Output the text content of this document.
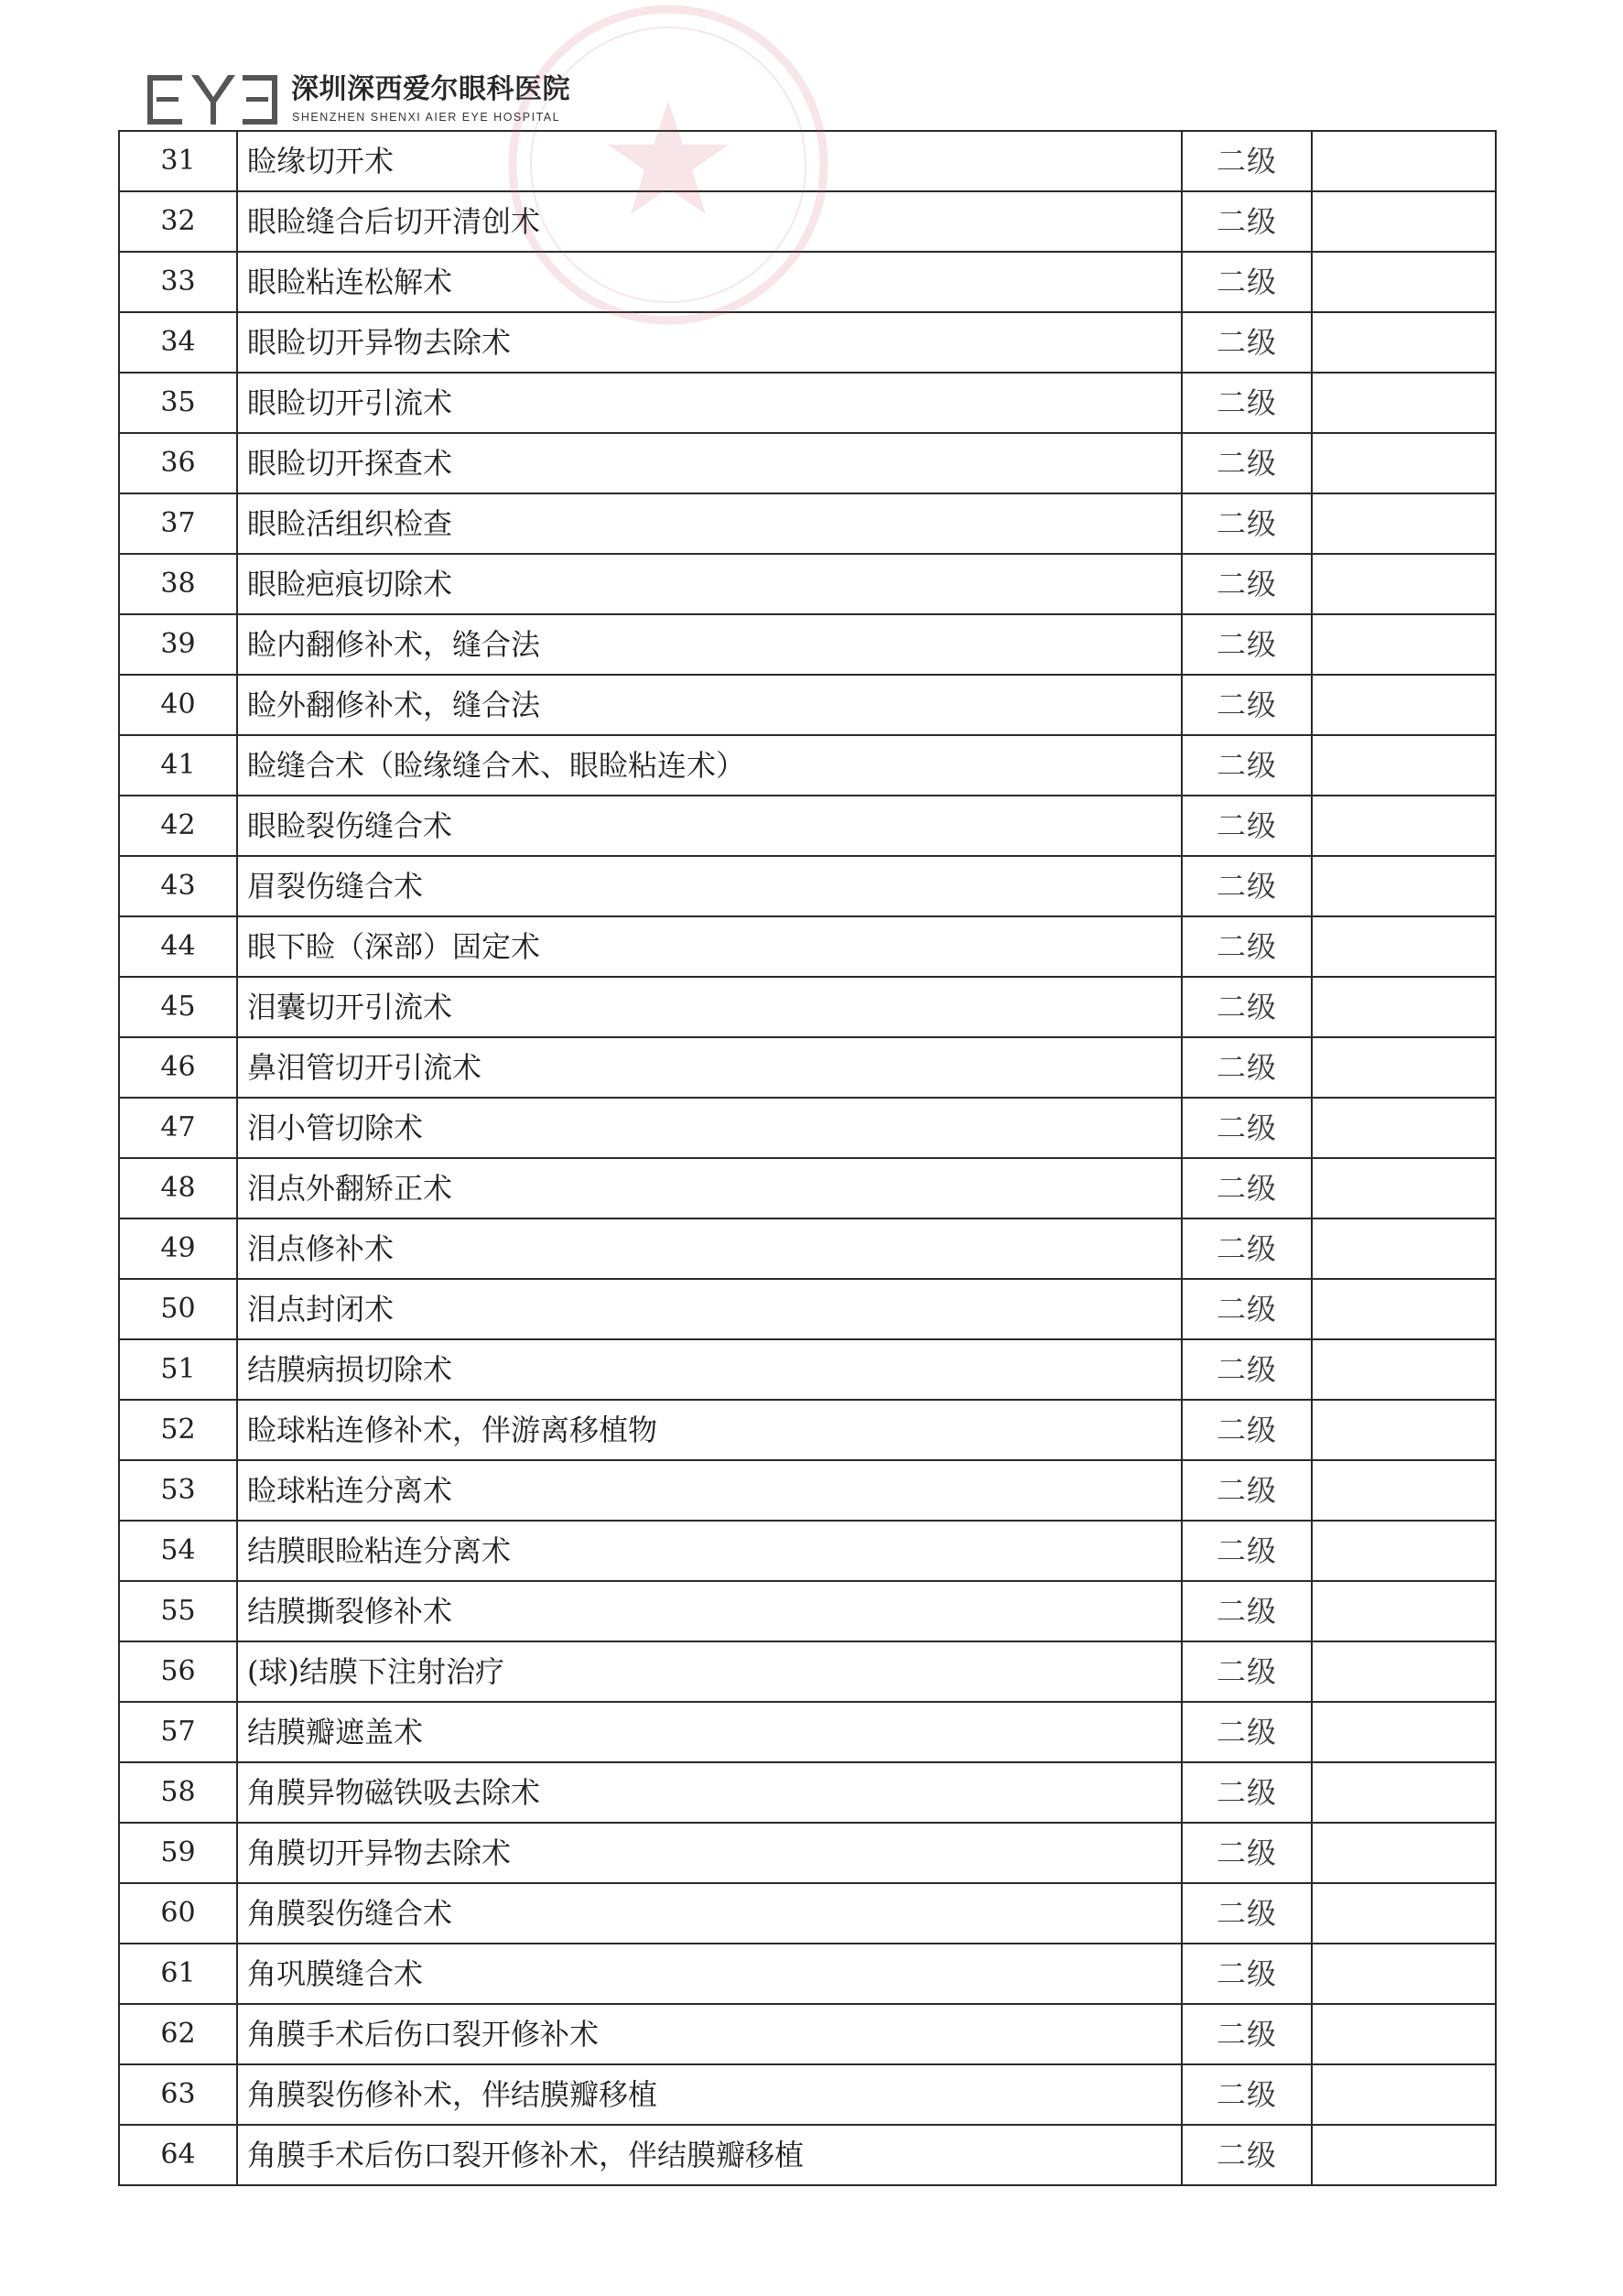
深圳深西爱尔眼科医院
SHENZHEN SHENXI AIER EYE HOSPITAL
31	睑缘切开术	二级	
32	眼睑缝合后切开清创术	二级	
33	眼睑粘连松解术	二级	
34	眼睑切开异物去除术	二级	
35	眼睑切开引流术	二级	
36	眼睑切开探查术	二级	
37	眼睑活组织检查	二级	
38	眼睑疤痕切除术	二级	
39	睑内翻修补术，缝合法	二级	
40	睑外翻修补术，缝合法	二级	
41	睑缝合术（睑缘缝合术、眼睑粘连术）	二级	
42	眼睑裂伤缝合术	二级	
43	眉裂伤缝合术	二级	
44	眼下睑（深部）固定术	二级	
45	泪囊切开引流术	二级	
46	鼻泪管切开引流术	二级	
47	泪小管切除术	二级	
48	泪点外翻矫正术	二级	
49	泪点修补术	二级	
50	泪点封闭术	二级	
51	结膜病损切除术	二级	
52	睑球粘连修补术，伴游离移植物	二级	
53	睑球粘连分离术	二级	
54	结膜眼睑粘连分离术	二级	
55	结膜撕裂修补术	二级	
56	(球)结膜下注射治疗	二级	
57	结膜瓣遮盖术	二级	
58	角膜异物磁铁吸去除术	二级	
59	角膜切开异物去除术	二级	
60	角膜裂伤缝合术	二级	
61	角巩膜缝合术	二级	
62	角膜手术后伤口裂开修补术	二级	
63	角膜裂伤修补术，伴结膜瓣移植	二级	
64	角膜手术后伤口裂开修补术，伴结膜瓣移植	二级	
